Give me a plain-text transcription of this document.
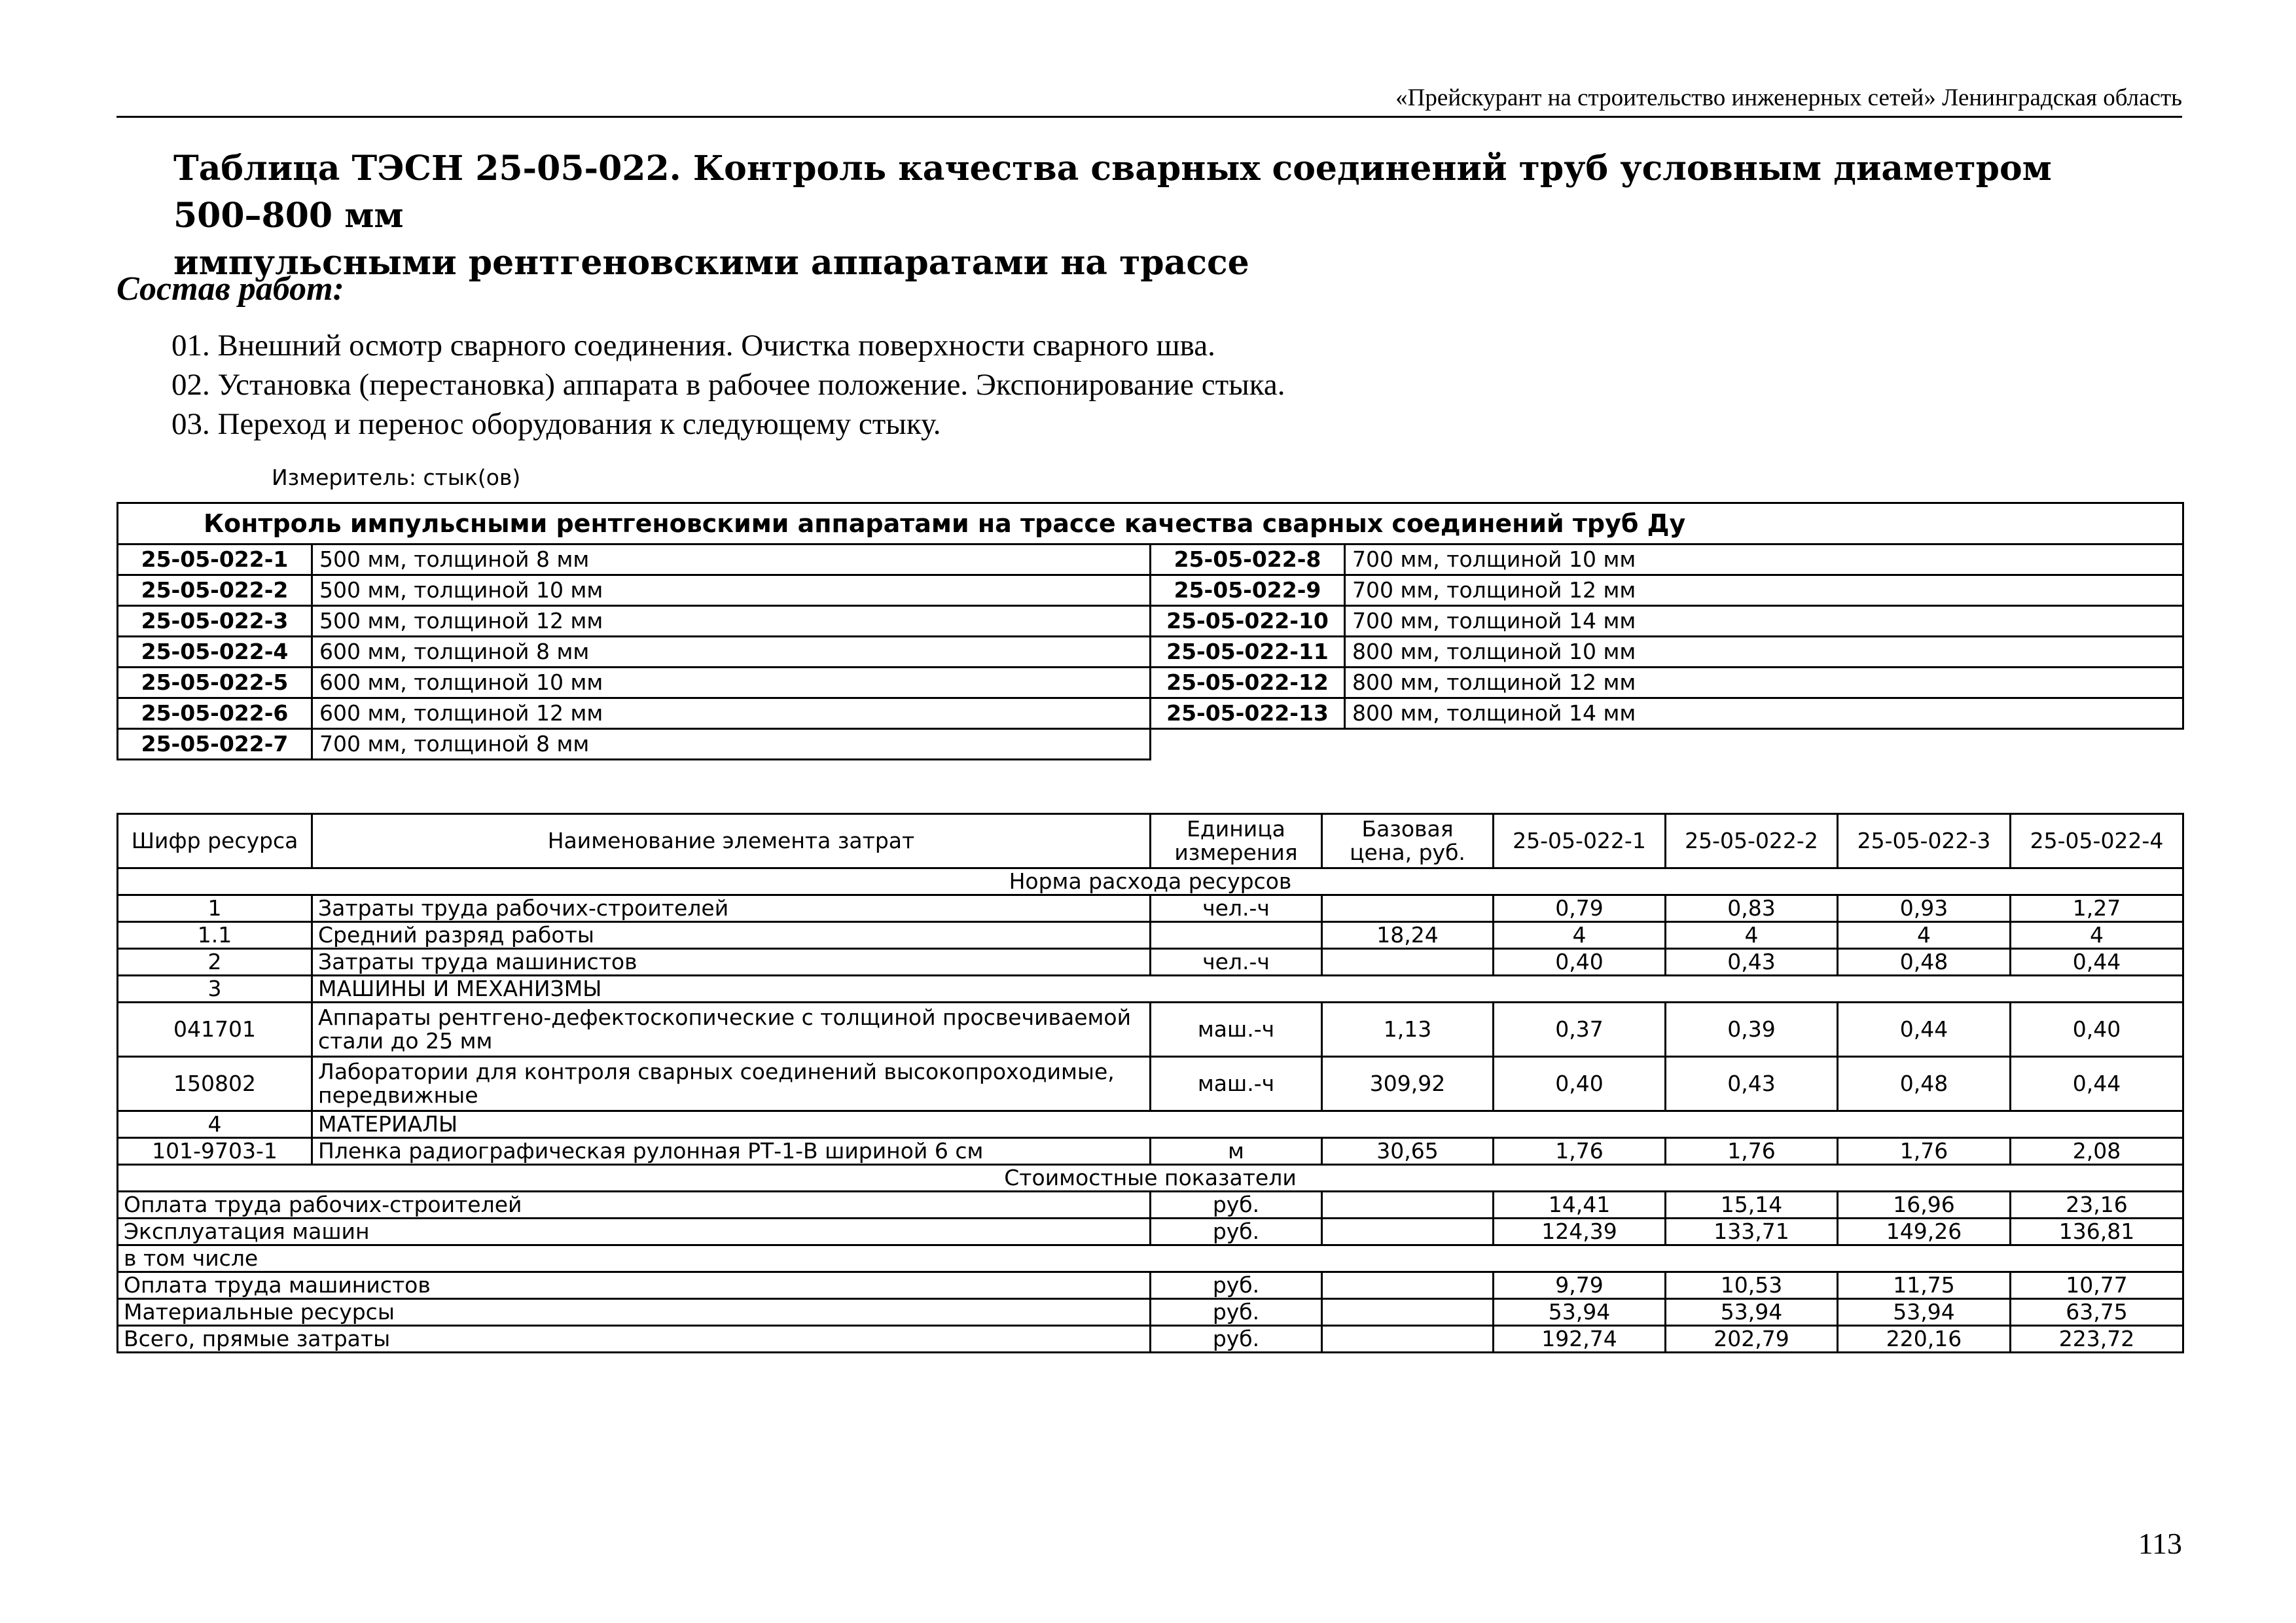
«Прейскурант на строительство инженерных сетей» Ленинградская область
Таблица ТЭСН 25-05-022. Контроль качества сварных соединений труб условным диаметром 500–800 мм
импульсными рентгеновскими аппаратами на трассе
Состав работ:
01. Внешний осмотр сварного соединения. Очистка поверхности сварного шва.
02. Установка (перестановка) аппарата в рабочее положение. Экспонирование стыка.
03. Переход и перенос оборудования к следующему стыку.
Измеритель: стык(ов)
Контроль импульсными рентгеновскими аппаратами на трассе качества сварных соединений труб Ду			
25-05-022-1	500 мм, толщиной 8 мм	25-05-022-8	700 мм, толщиной 10 мм
25-05-022-2	500 мм, толщиной 10 мм	25-05-022-9	700 мм, толщиной 12 мм
25-05-022-3	500 мм, толщиной 12 мм	25-05-022-10	700 мм, толщиной 14 мм
25-05-022-4	600 мм, толщиной 8 мм	25-05-022-11	800 мм, толщиной 10 мм
25-05-022-5	600 мм, толщиной 10 мм	25-05-022-12	800 мм, толщиной 12 мм
25-05-022-6	600 мм, толщиной 12 мм	25-05-022-13	800 мм, толщиной 14 мм
25-05-022-7	700 мм, толщиной 8 мм		
Шифр ресурса	Наименование элемента затрат	Единица измерения	Базовая цена, руб.	25-05-022-1	25-05-022-2	25-05-022-3	25-05-022-4
Норма расхода ресурсов							
1	Затраты труда рабочих-строителей	чел.-ч		0,79	0,83	0,93	1,27
1.1	Средний разряд работы		18,24	4	4	4	4
2	Затраты труда машинистов	чел.-ч		0,40	0,43	0,48	0,44
3	МАШИНЫ И МЕХАНИЗМЫ						
041701	Аппараты рентгено-дефектоскопические с толщиной просвечиваемой стали до 25 мм	маш.-ч	1,13	0,37	0,39	0,44	0,40
150802	Лаборатории для контроля сварных соединений высокопроходимые, передвижные	маш.-ч	309,92	0,40	0,43	0,48	0,44
4	МАТЕРИАЛЫ						
101-9703-1	Пленка радиографическая рулонная РТ-1-В шириной 6 см	м	30,65	1,76	1,76	1,76	2,08
Стоимостные показатели							
Оплата труда рабочих-строителей		руб.		14,41	15,14	16,96	23,16
Эксплуатация машин		руб.		124,39	133,71	149,26	136,81
в том числе							
Оплата труда машинистов		руб.		9,79	10,53	11,75	10,77
Материальные ресурсы		руб.		53,94	53,94	53,94	63,75
Всего, прямые затраты		руб.		192,74	202,79	220,16	223,72
113
